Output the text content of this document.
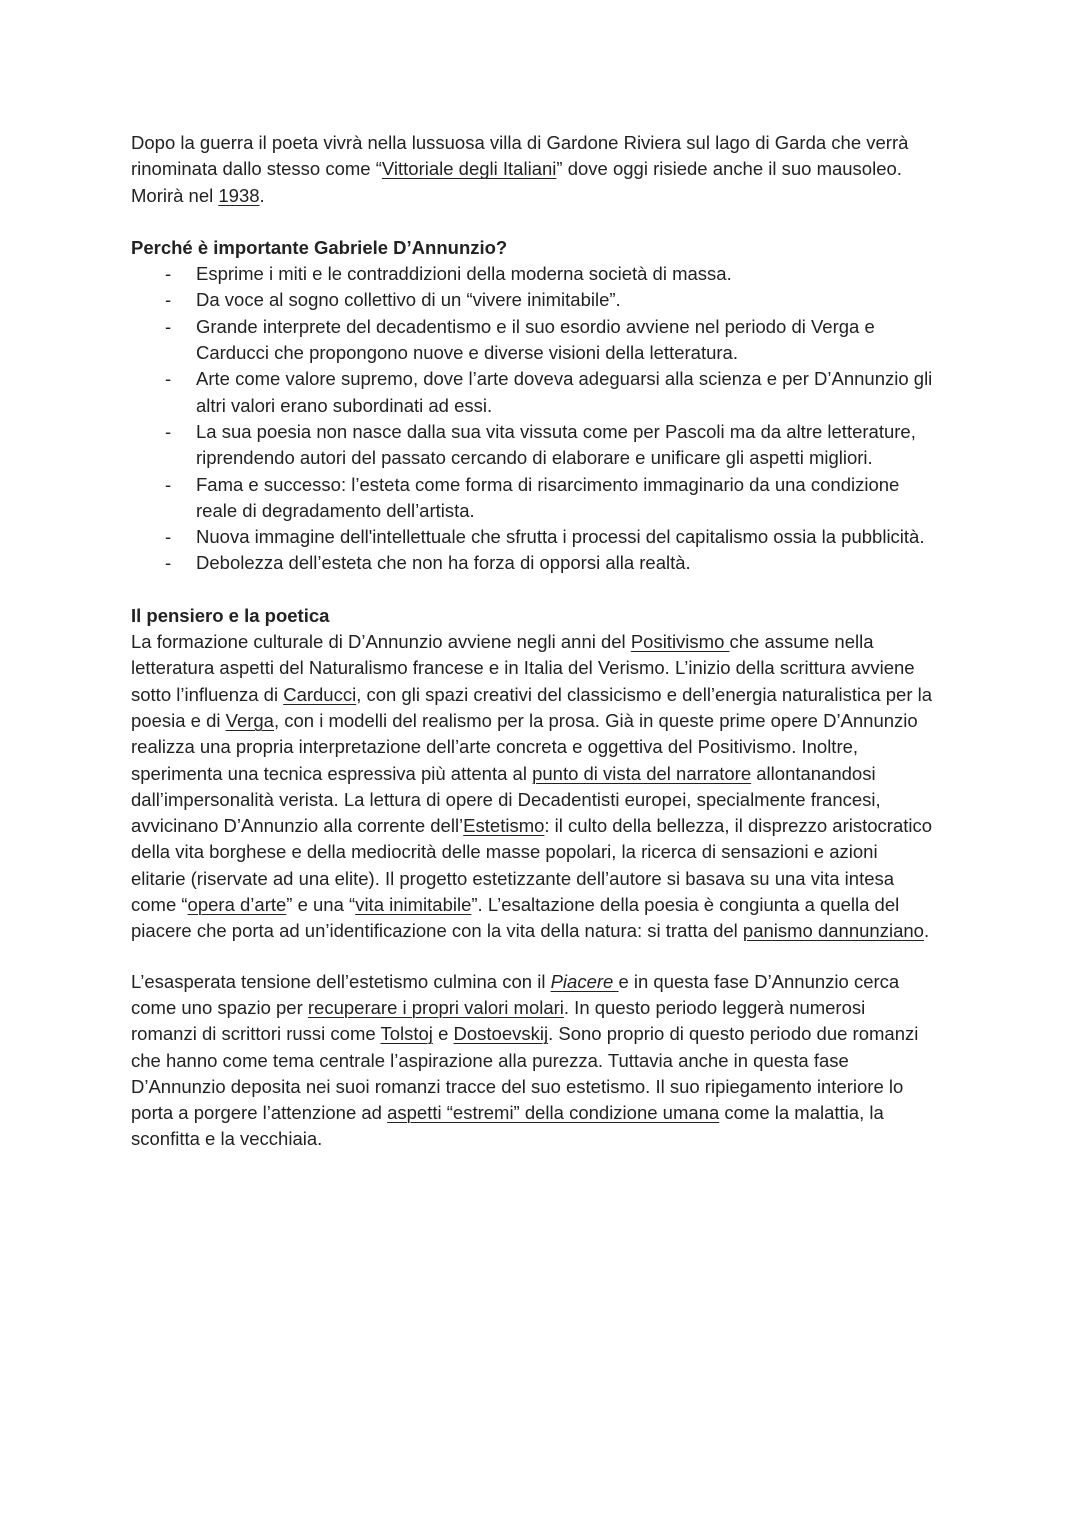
Dopo la guerra il poeta vivrà nella lussuosa villa di Gardone Riviera sul lago di Garda che verrà rinominata dallo stesso come “Vittoriale degli Italiani” dove oggi risiede anche il suo mausoleo.

Morirà nel 1938.

Perché è importante Gabriele D’Annunzio?

- Esprime i miti e le contraddizioni della moderna società di massa.
- Da voce al sogno collettivo di un “vivere inimitabile”.
- Grande interprete del decadentismo e il suo esordio avviene nel periodo di Verga e Carducci che propongono nuove e diverse visioni della letteratura.
- Arte come valore supremo, dove l’arte doveva adeguarsi alla scienza e per D’Annunzio gli altri valori erano subordinati ad essi.
- La sua poesia non nasce dalla sua vita vissuta come per Pascoli ma da altre letterature, riprendendo autori del passato cercando di elaborare e unificare gli aspetti migliori.
- Fama e successo: l’esteta come forma di risarcimento immaginario da una condizione reale di degradamento dell’artista.
- Nuova immagine dell'intellettuale che sfrutta i processi del capitalismo ossia la pubblicità.
- Debolezza dell’esteta che non ha forza di opporsi alla realtà.

Il pensiero e la poetica

La formazione culturale di D’Annunzio avviene negli anni del Positivismo che assume nella letteratura aspetti del Naturalismo francese e in Italia del Verismo. L’inizio della scrittura avviene sotto l’influenza di Carducci, con gli spazi creativi del classicismo e dell’energia naturalistica per la poesia e di Verga, con i modelli del realismo per la prosa. Già in queste prime opere D’Annunzio realizza una propria interpretazione dell’arte concreta e oggettiva del Positivismo. Inoltre, sperimenta una tecnica espressiva più attenta al punto di vista del narratore allontanandosi dall’impersonalità verista. La lettura di opere di Decadentisti europei, specialmente francesi, avvicinano D’Annunzio alla corrente dell’Estetismo: il culto della bellezza, il disprezzo aristocratico della vita borghese e della mediocrità delle masse popolari, la ricerca di sensazioni e azioni elitarie (riservate ad una elite). Il progetto estetizzante dell’autore si basava su una vita intesa come “opera d’arte” e una “vita inimitabile”. L’esaltazione della poesia è congiunta a quella del piacere che porta ad un’identificazione con la vita della natura: si tratta del panismo dannunziano.

L’esasperata tensione dell’estetismo culmina con il Piacere e in questa fase D’Annunzio cerca come uno spazio per recuperare i propri valori molari. In questo periodo leggerà numerosi romanzi di scrittori russi come Tolstoj e Dostoevskij. Sono proprio di questo periodo due romanzi che hanno come tema centrale l’aspirazione alla purezza. Tuttavia anche in questa fase D’Annunzio deposita nei suoi romanzi tracce del suo estetismo. Il suo ripiegamento interiore lo porta a porgere l’attenzione ad aspetti “estremi” della condizione umana come la malattia, la sconfitta e la vecchiaia.
